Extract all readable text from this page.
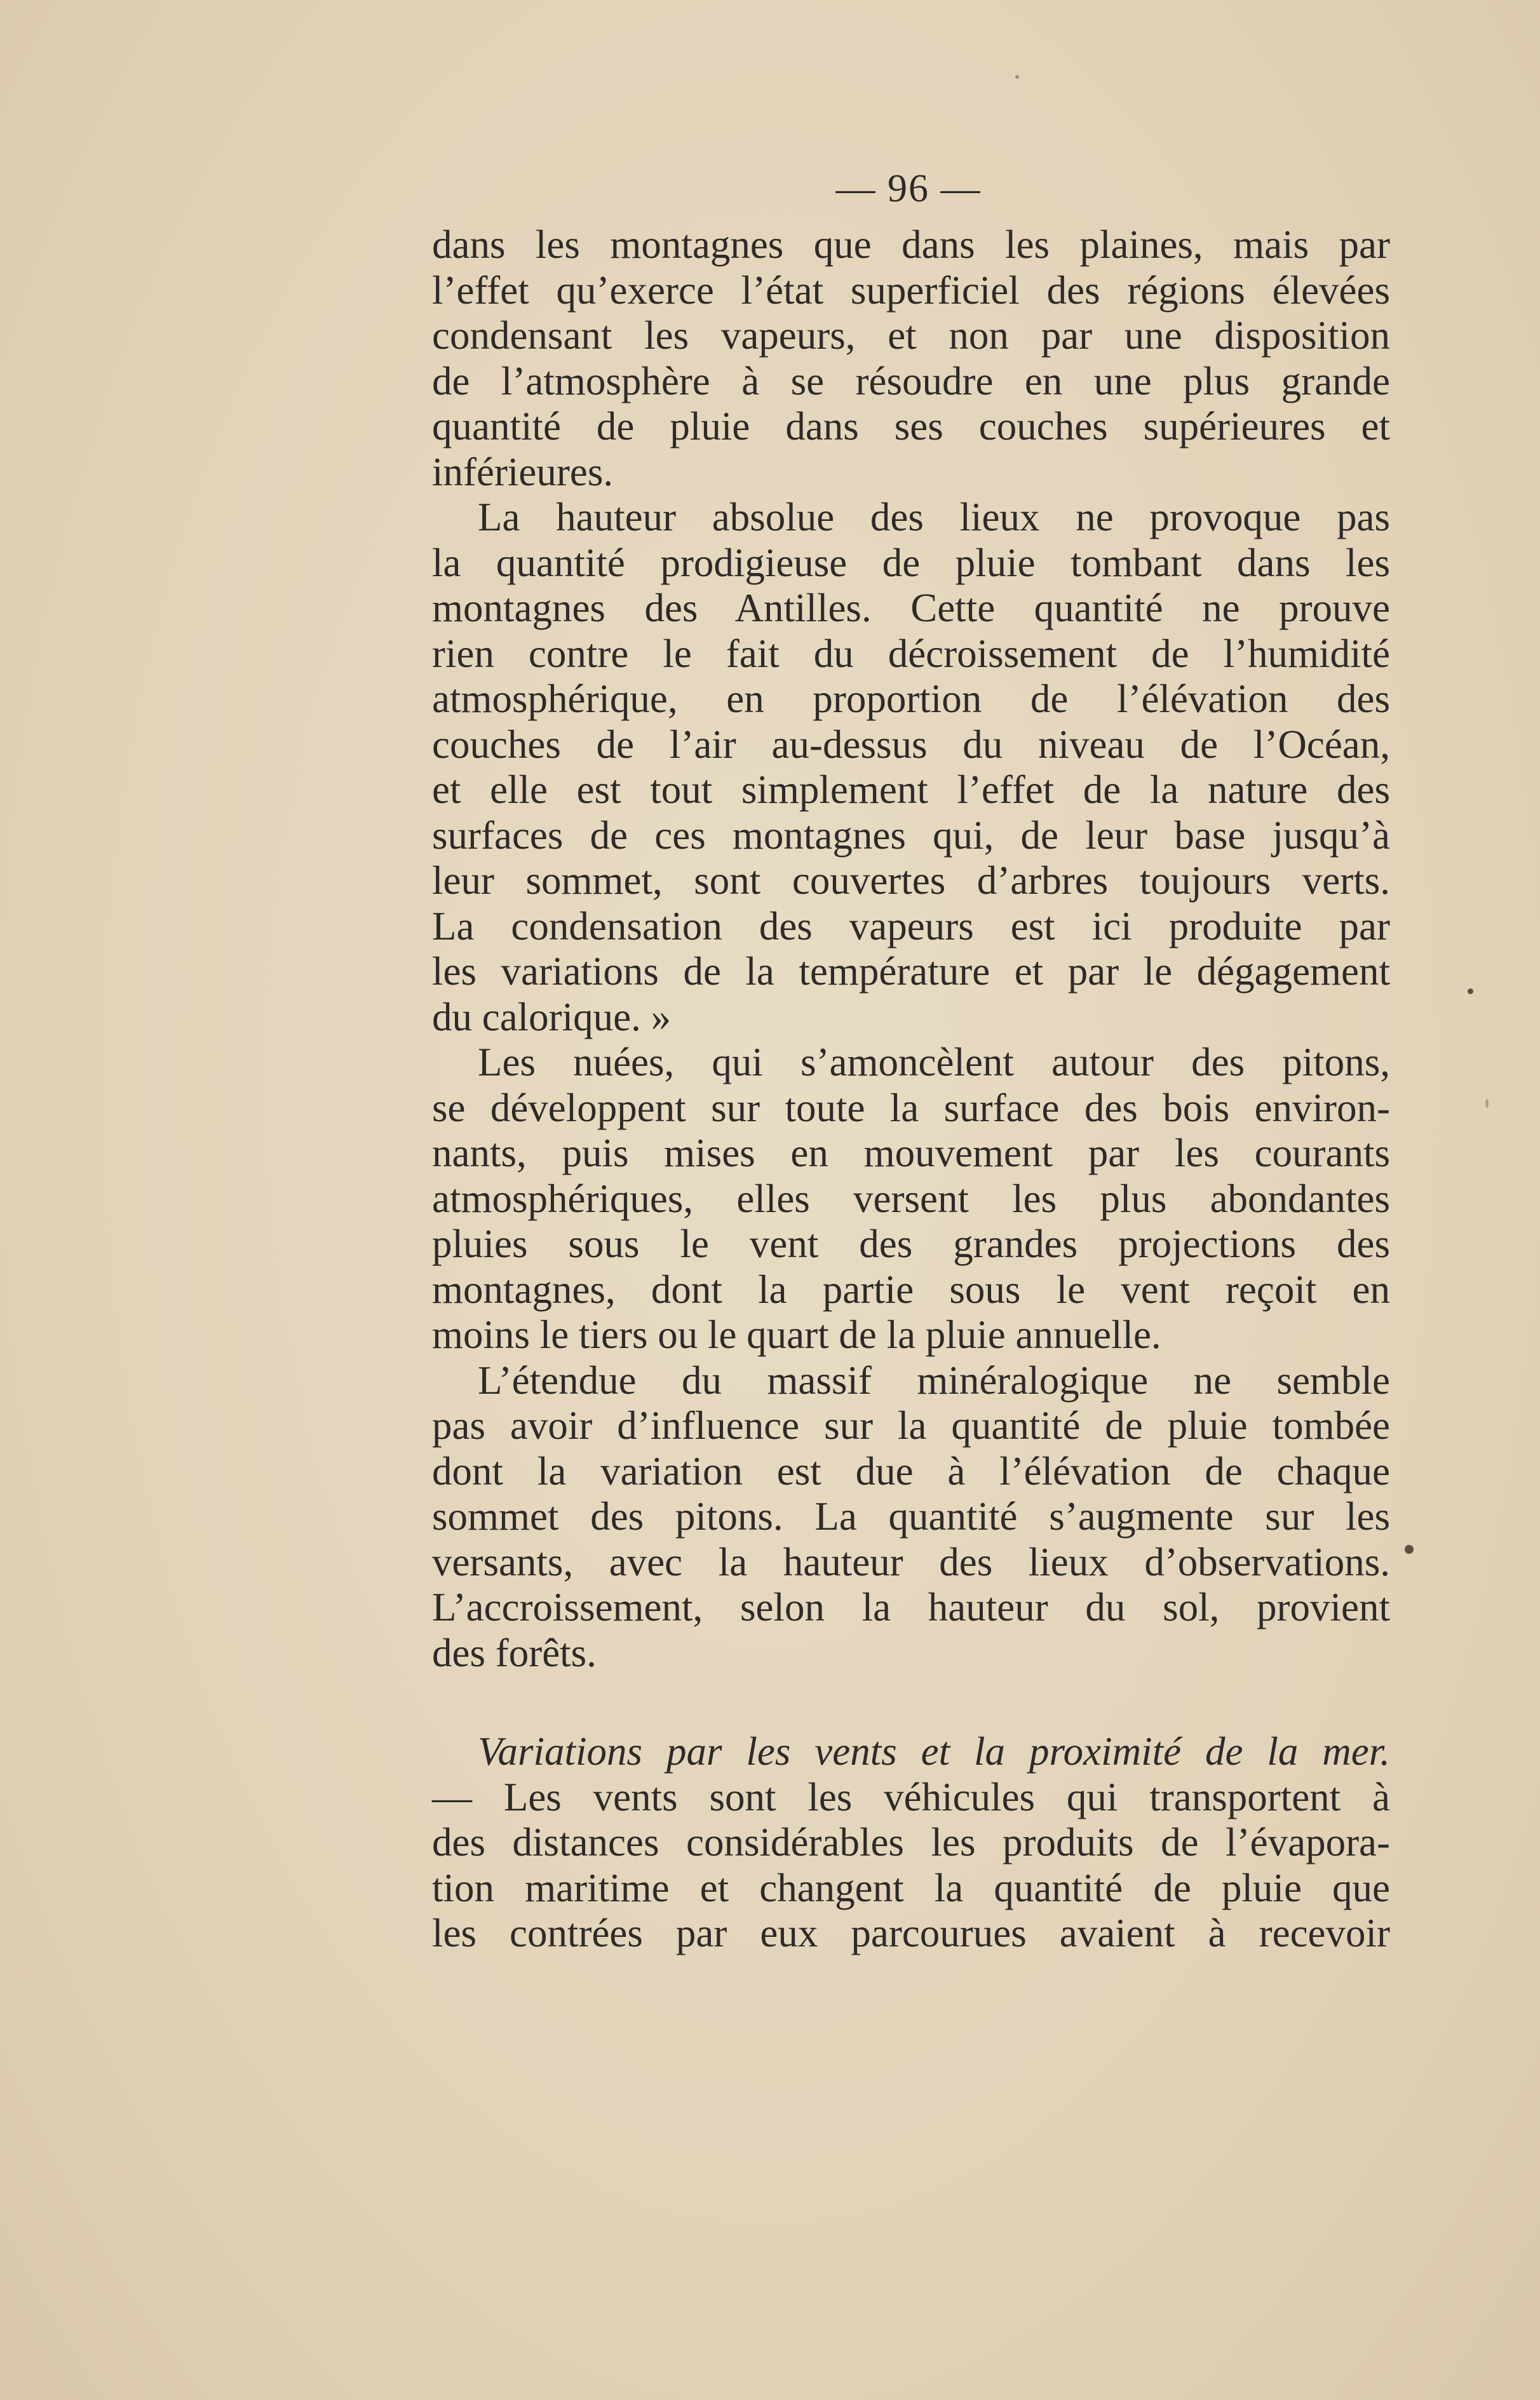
— 96 —
dans les montagnes que dans les plaines, mais par
l’effet qu’exerce l’état superficiel des régions élevées
condensant les vapeurs, et non par une disposition
de l’atmosphère à se résoudre en une plus grande
quantité de pluie dans ses couches supérieures et
inférieures.
La hauteur absolue des lieux ne provoque pas
la quantité prodigieuse de pluie tombant dans les
montagnes des Antilles. Cette quantité ne prouve
rien contre le fait du décroissement de l’humidité
atmosphérique, en proportion de l’élévation des
couches de l’air au-dessus du niveau de l’Océan,
et elle est tout simplement l’effet de la nature des
surfaces de ces montagnes qui, de leur base jusqu’à
leur sommet, sont couvertes d’arbres toujours verts.
La condensation des vapeurs est ici produite par
les variations de la température et par le dégagement
du calorique. »
Les nuées, qui s’amoncèlent autour des pitons,
se développent sur toute la surface des bois environ-
nants, puis mises en mouvement par les courants
atmosphériques, elles versent les plus abondantes
pluies sous le vent des grandes projections des
montagnes, dont la partie sous le vent reçoit en
moins le tiers ou le quart de la pluie annuelle.
L’étendue du massif minéralogique ne semble
pas avoir d’influence sur la quantité de pluie tombée
dont la variation est due à l’élévation de chaque
sommet des pitons. La quantité s’augmente sur les
versants, avec la hauteur des lieux d’observations.
L’accroissement, selon la hauteur du sol, provient
des forêts.
Variations par les vents et la proximité de la mer.
— Les vents sont les véhicules qui transportent à
des distances considérables les produits de l’évapora-
tion maritime et changent la quantité de pluie que
les contrées par eux parcourues avaient à recevoir
